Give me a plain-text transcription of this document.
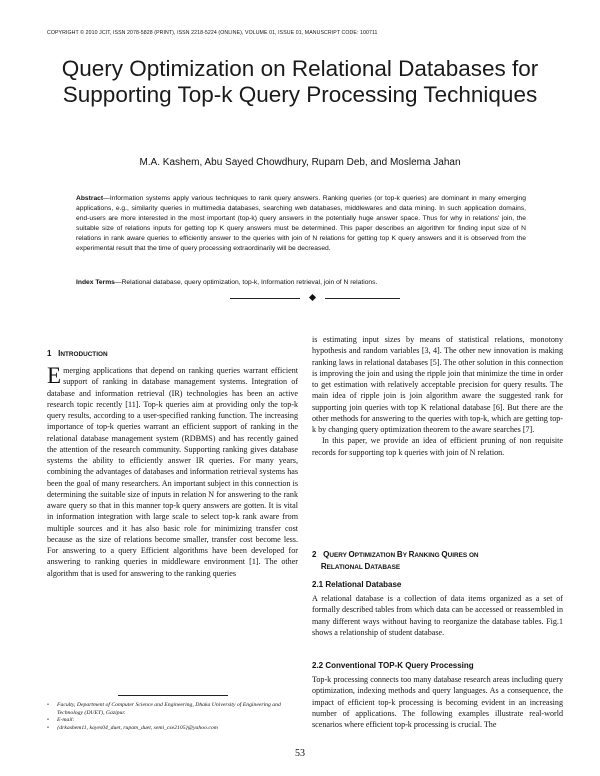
COPYRIGHT © 2010 JCIT, ISSN 2078-5828 (PRINT), ISSN 2218-5224 (ONLINE), VOLUME 01, ISSUE 01, MANUSCRIPT CODE: 100711
Query Optimization on Relational Databases for Supporting Top-k Query Processing Techniques
M.A. Kashem, Abu Sayed Chowdhury, Rupam Deb, and Moslema Jahan
Abstract—Information systems apply various techniques to rank query answers. Ranking queries (or top-k queries) are dominant in many emerging applications, e.g., similarity queries in multimedia databases, searching web databases, middlewares and data mining. In such application domains, end-users are more interested in the most important (top-k) query answers in the potentially huge answer space. Thus for why in relations' join, the suitable size of relations inputs for getting top K query answers must be determined. This paper describes an algorithm for finding input size of N relations in rank aware queries to efficiently answer to the queries with join of N relations for getting top K query answers and it is observed from the experimental result that the time of query processing extraordinarily will be decreased.
Index Terms—Relational database, query optimization, top-k, Information retrieval, join of N relations.
1 INTRODUCTION

Emerging applications that depend on ranking queries warrant efficient support of ranking in database management systems. Integration of database and information retrieval (IR) technologies has been an active research topic recently [11]. Top-k queries aim at providing only the top-k query results, according to a user-specified ranking function. The increasing importance of top-k queries warrant an efficient support of ranking in the relational database management system (RDBMS) and has recently gained the attention of the research community. Supporting ranking gives database systems the ability to efficiently answer IR queries. For many years, combining the advantages of databases and information retrieval systems has been the goal of many researchers. An important subject in this connection is determining the suitable size of inputs in relation N for answering to the rank aware query so that in this manner top-k query answers are gotten. It is vital in information integration with large scale to select top-k rank aware from multiple sources and it has also basic role for minimizing transfer cost because as the size of relations become smaller, transfer cost become less. For answering to a query Efficient algorithms have been developed for answering to ranking queries in middleware environment [1]. The other algorithm that is used for answering to the ranking queries

is estimating input sizes by means of statistical relations, monotony hypothesis and random variables [3, 4]. The other new innovation is making ranking laws in relational databases [5]. The other solution in this connection is improving the join and using the ripple join that minimize the time in order to get estimation with relatively acceptable precision for query results. The main idea of ripple join is join algorithm aware the suggested rank for supporting join queries with top K relational database [6]. But there are the other methods for answering to the queries with top-k, which are getting top-k by changing query optimization theorem to the aware searches [7].

In this paper, we provide an idea of efficient pruning of non requisite records for supporting top k queries with join of N relation.

2 QUERY OPTIMIZATION BY RANKING QUIRES ON
RELATIONAL DATABASE
2.1 Relational Database

A relational database is a collection of data items organized as a set of formally described tables from which data can be accessed or reassembled in many different ways without having to reorganize the database tables. Fig.1 shows a relationship of student database.

2.2 Conventional TOP-K Query Processing

Top-k processing connects too many database research areas including query optimization, indexing methods and query languages. As a consequence, the impact of efficient top-k processing is becoming evident in an increasing number of applications. The following examples illustrate real-world scenarios where efficient top-k processing is crucial. The

•	Faculty, Department of Computer Science and Engineering, Dhaka University of Engineering and Technology (DUET), Gazipur.
•	E-mail:
•	{drkashem11, kayes04_duet, rupam_duet, semi_cse2105}@yahoo.com
53
